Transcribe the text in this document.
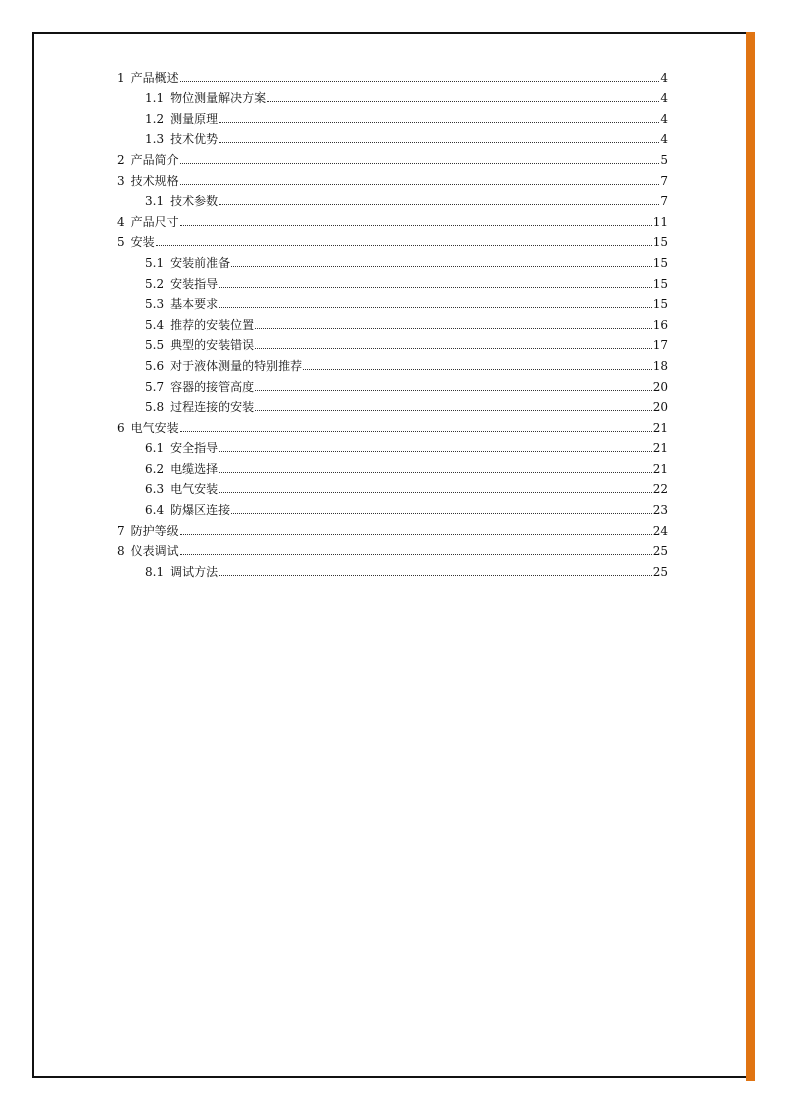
1 产品概述	4
1.1 物位测量解决方案	4
1.2 测量原理	4
1.3 技术优势	4
2 产品简介	5
3 技术规格	7
3.1 技术参数	7
4 产品尺寸	11
5 安装	15
5.1 安装前准备	15
5.2 安装指导	15
5.3 基本要求	15
5.4 推荐的安装位置	16
5.5 典型的安装错误	17
5.6 对于液体测量的特别推荐	18
5.7 容器的接管高度	20
5.8 过程连接的安装	20
6 电气安装	21
6.1 安全指导	21
6.2 电缆选择	21
6.3 电气安装	22
6.4 防爆区连接	23
7 防护等级	24
8 仪表调试	25
8.1 调试方法	25
